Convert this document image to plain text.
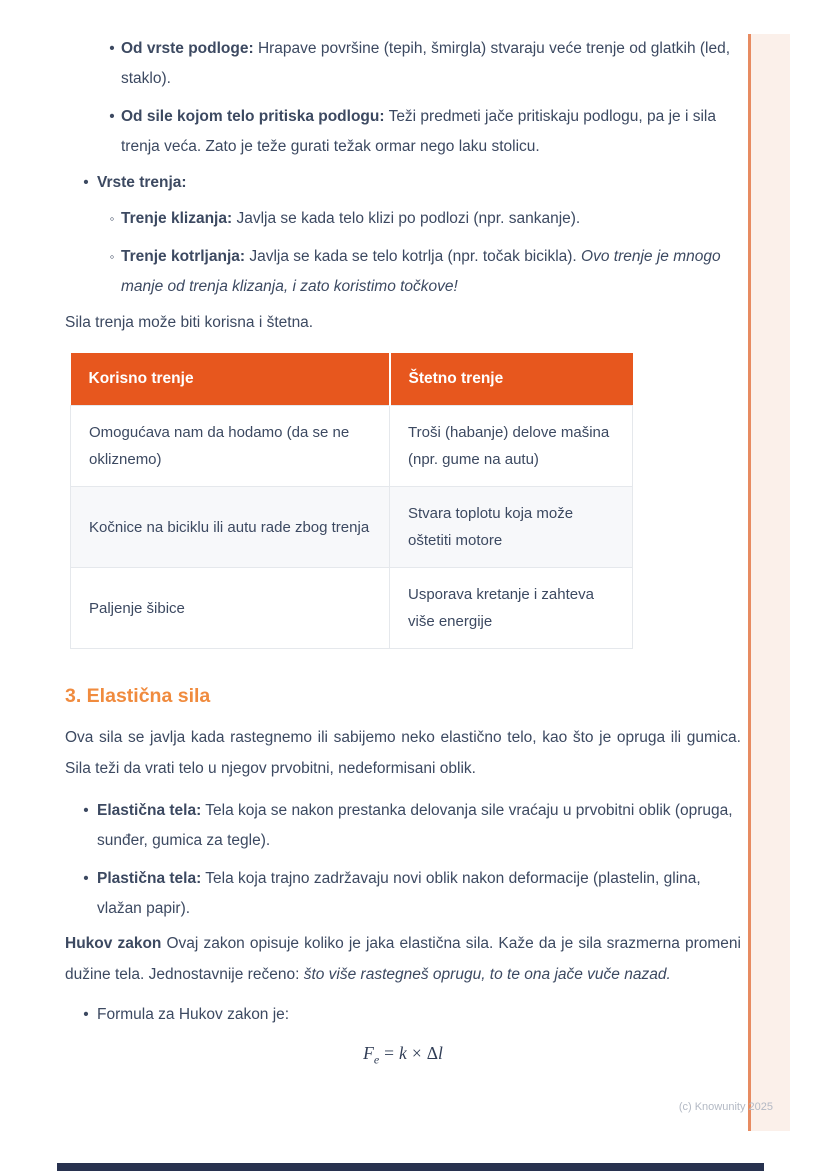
• Od vrste podloge: Hrapave površine (tepih, šmirgla) stvaraju veće trenje od glatkih (led, staklo).
• Od sile kojom telo pritiska podlogu: Teži predmeti jače pritiskaju podlogu, pa je i sila trenja veća. Zato je teže gurati težak ormar nego laku stolicu.
• Vrste trenja:
◦ Trenje klizanja: Javlja se kada telo klizi po podlozi (npr. sankanje).
◦ Trenje kotrljanja: Javlja se kada se telo kotrlja (npr. točak bicikla). Ovo trenje je mnogo manje od trenja klizanja, i zato koristimo točkove!

Sila trenja može biti korisna i štetna.

Korisno trenje	Štetno trenje
Omogućava nam da hodamo (da se ne okliznemo)	Troši (habanje) delove mašina (npr. gume na autu)
Kočnice na biciklu ili autu rade zbog trenja	Stvara toplotu koja može oštetiti motore
Paljenje šibice	Usporava kretanje i zahteva više energije
3. Elastična sila

Ova sila se javlja kada rastegnemo ili sabijemo neko elastično telo, kao što je opruga ili gumica. Sila teži da vrati telo u njegov prvobitni, nedeformisani oblik.

• Elastična tela: Tela koja se nakon prestanka delovanja sile vraćaju u prvobitni oblik (opruga, sunđer, gumica za tegle).
• Plastična tela: Tela koja trajno zadržavaju novi oblik nakon deformacije (plastelin, glina, vlažan papir).

Hukov zakon Ovaj zakon opisuje koliko je jaka elastična sila. Kaže da je sila srazmerna promeni dužine tela. Jednostavnije rečeno: što više rastegneš oprugu, to te ona jače vuče nazad.

• Formula za Hukov zakon je:
$F_e = k \times \Delta l$
(c) Knowunity 2025
